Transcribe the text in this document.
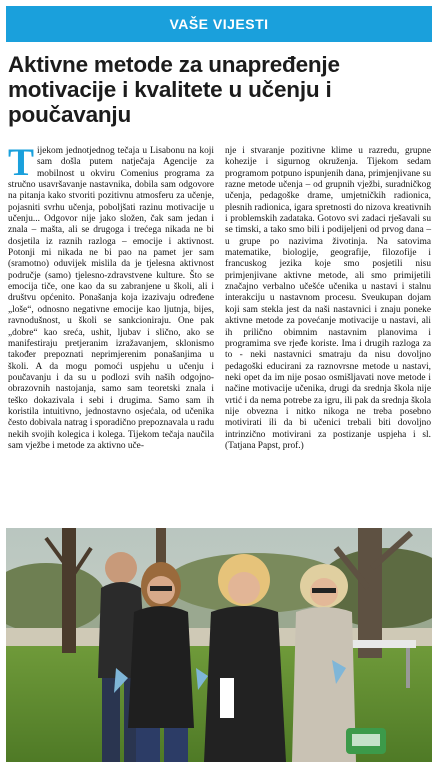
VAŠE VIJESTI
Aktivne metode za unapređenje motivacije i kvalitete u učenju i poučavanju
Tijekom jednotjednog tečaja u Lisabonu na koji sam došla putem natječaja Agencije za mobilnost u okviru Comenius programa za stručno usavršavanje nastavnika, dobila sam odgovore na pitanja kako stvoriti pozitivnu atmosferu za učenje, pojasniti svrhu učenja, poboljšati razinu motivacije u učenju... Odgovor nije jako složen, čak sam jedan i znala – mašta, ali se drugoga i trećega nikada ne bi dosjetila iz raznih razloga – emocije i aktivnost. Potonji mi nikada ne bi pao na pamet jer sam (sramotno) oduvijek mislila da je tjelesna aktivnost područje (samo) tjelesno-zdravstvene kulture. Što se emocija tiče, one kao da su zabranjene u školi, ali i društvu općenito. Ponašanja koja izazivaju određene „loše“, odnosno negativne emocije kao ljutnja, bijes, ravnodušnost, u školi se sankcioniraju. One pak „dobre“ kao sreća, ushit, ljubav i slično, ako se manifestiraju pretjeranim izražavanjem, sklonismo također prepoznati neprimjerenim ponašanjima u školi. A da mogu pomoći uspjehu u učenju i poučavanju i da su u podlozi svih naših odgojno-obrazovnih nastojanja, samo sam teoretski znala i teško dokazivala i sebi i drugima. Samo sam ih koristila intuitivno, jednostavno osjećala, od učenika često dobivala natrag i sporadično prepoznavala u radu nekih svojih kolegica i kolega. Tijekom tečaja naučila sam vježbe i metode za aktivno uče-
nje i stvaranje pozitivne klime u razredu, grupne kohezije i sigurnog okruženja. Tijekom sedam programom potpuno ispunjenih dana, primjenjivane su razne metode učenja – od grupnih vježbi, suradničkog učenja, pedagoške drame, umjetničkih radionica, plesnih radionica, igara spretnosti do nizova kreativnih i problemskih zadataka. Gotovo svi zadaci rješavali su se timski, a tako smo bili i podijeljeni od prvog dana – u grupe po nazivima životinja. Na satovima matematike, biologije, geografije, filozofije i francuskog jezika koje smo posjetili nisu primjenjivane aktivne metode, ali smo primijetili značajno verbalno učešće učenika u nastavi i stalnu interakciju u nastavnom procesu. Sveukupan dojam koji sam stekla jest da naši nastavnici i znaju poneke aktivne metode za povećanje motivacije u nastavi, ali ih prilično obimnim nastavnim planovima i programima sve rjeđe koriste. Ima i drugih razloga za to - neki nastavnici smatraju da nisu dovoljno pedagoški educirani za raznovrsne metode u nastavi, neki opet da im nije posao osmišljavati nove metode i načine motivacije učenika, drugi da srednja škola nije vrtić i da nema potrebe za igru, ili pak da srednja škola nije obvezna i nitko nikoga ne treba posebno motivirati ili da bi učenici trebali biti dovoljno intrinzično motivirani za postizanje uspjeha i sl. (Tatjana Papst, prof.)
